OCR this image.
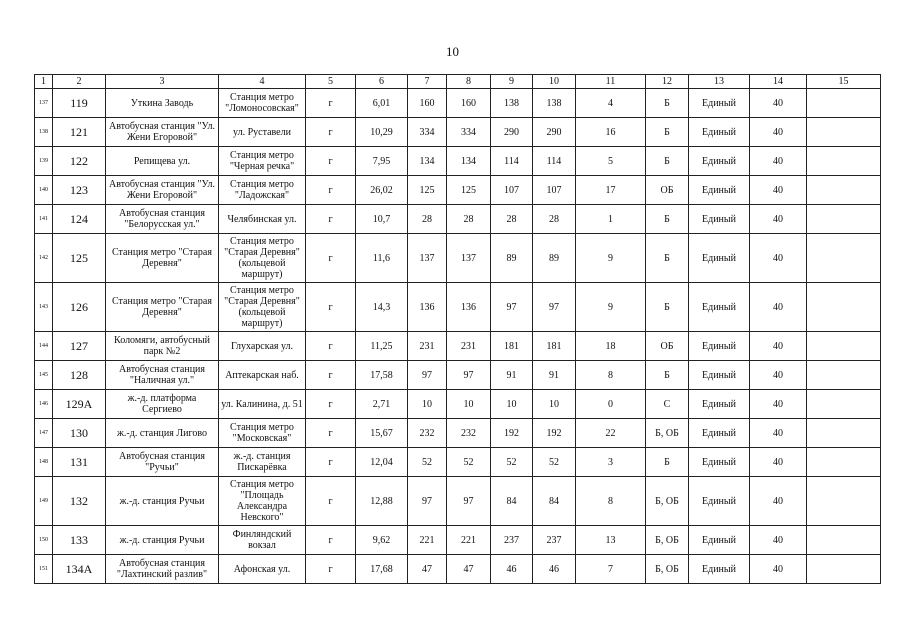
10
1	2	3	4	5	6	7	8	9	10	11	12	13	14	15
137	119	Уткина Заводь	Станция метро "Ломоносовская"	г	6,01	160	160	138	138	4	Б	Единый	40	
138	121	Автобусная станция "Ул. Жени Егоровой"	ул. Руставели	г	10,29	334	334	290	290	16	Б	Единый	40	
139	122	Репищева ул.	Станция метро "Черная речка"	г	7,95	134	134	114	114	5	Б	Единый	40	
140	123	Автобусная станция "Ул. Жени Егоровой"	Станция метро "Ладожская"	г	26,02	125	125	107	107	17	ОБ	Единый	40	
141	124	Автобусная станция "Белорусская ул."	Челябинская ул.	г	10,7	28	28	28	28	1	Б	Единый	40	
142	125	Станция метро "Старая Деревня"	Станция метро "Старая Деревня" (кольцевой маршрут)	г	11,6	137	137	89	89	9	Б	Единый	40	
143	126	Станция метро "Старая Деревня"	Станция метро "Старая Деревня" (кольцевой маршрут)	г	14,3	136	136	97	97	9	Б	Единый	40	
144	127	Коломяги, автобусный парк №2	Глухарская ул.	г	11,25	231	231	181	181	18	ОБ	Единый	40	
145	128	Автобусная станция "Наличная ул."	Аптекарская наб.	г	17,58	97	97	91	91	8	Б	Единый	40	
146	129А	ж.-д. платформа Сергиево	ул. Калинина, д. 51	г	2,71	10	10	10	10	0	С	Единый	40	
147	130	ж.-д. станция Лигово	Станция метро "Московская"	г	15,67	232	232	192	192	22	Б, ОБ	Единый	40	
148	131	Автобусная станция "Ручьи"	ж.-д. станция Пискарёвка	г	12,04	52	52	52	52	3	Б	Единый	40	
149	132	ж.-д. станция Ручьи	Станция метро "Площадь Александра Невского"	г	12,88	97	97	84	84	8	Б, ОБ	Единый	40	
150	133	ж.-д. станция Ручьи	Финляндский вокзал	г	9,62	221	221	237	237	13	Б, ОБ	Единый	40	
151	134А	Автобусная станция "Лахтинский разлив"	Афонская ул.	г	17,68	47	47	46	46	7	Б, ОБ	Единый	40	
